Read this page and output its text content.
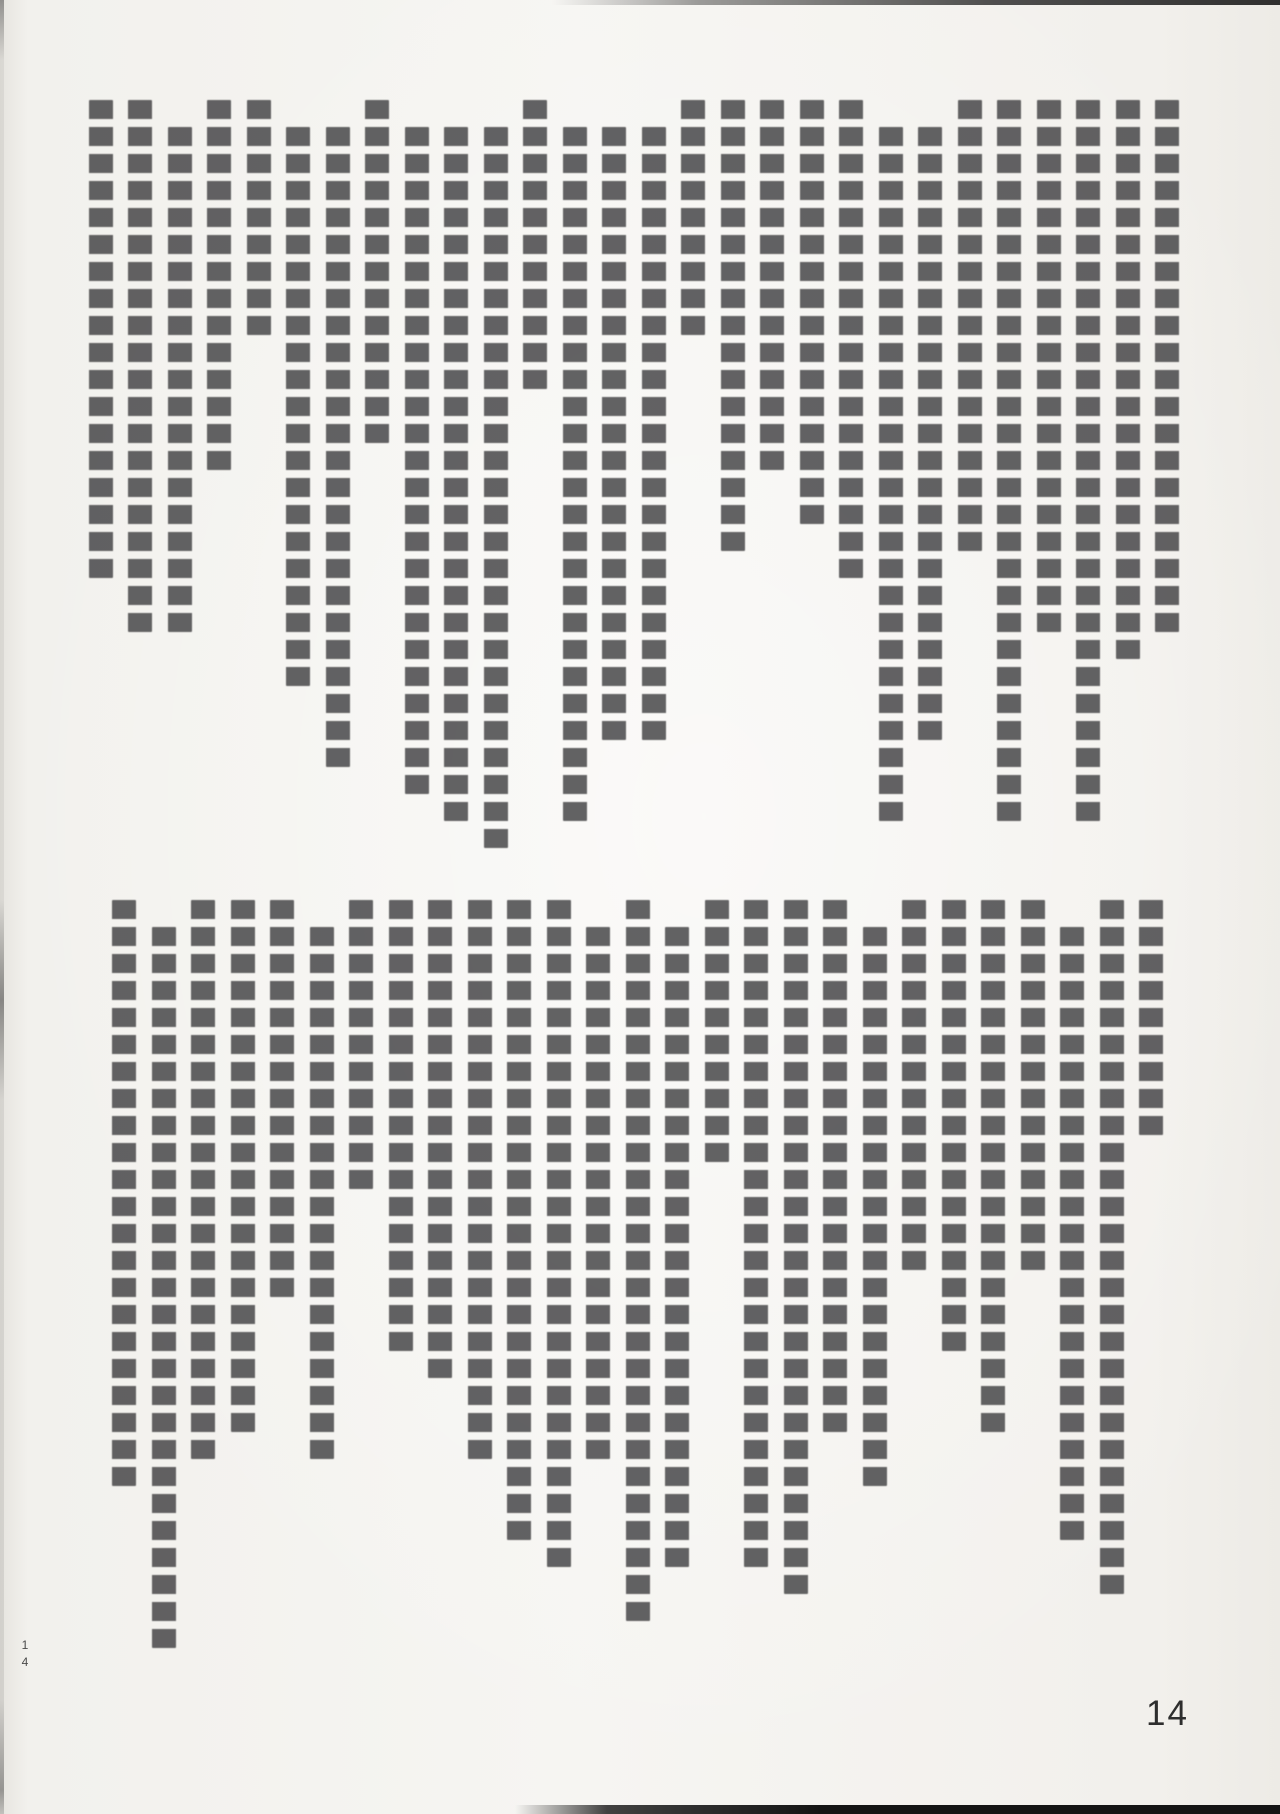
14
14
